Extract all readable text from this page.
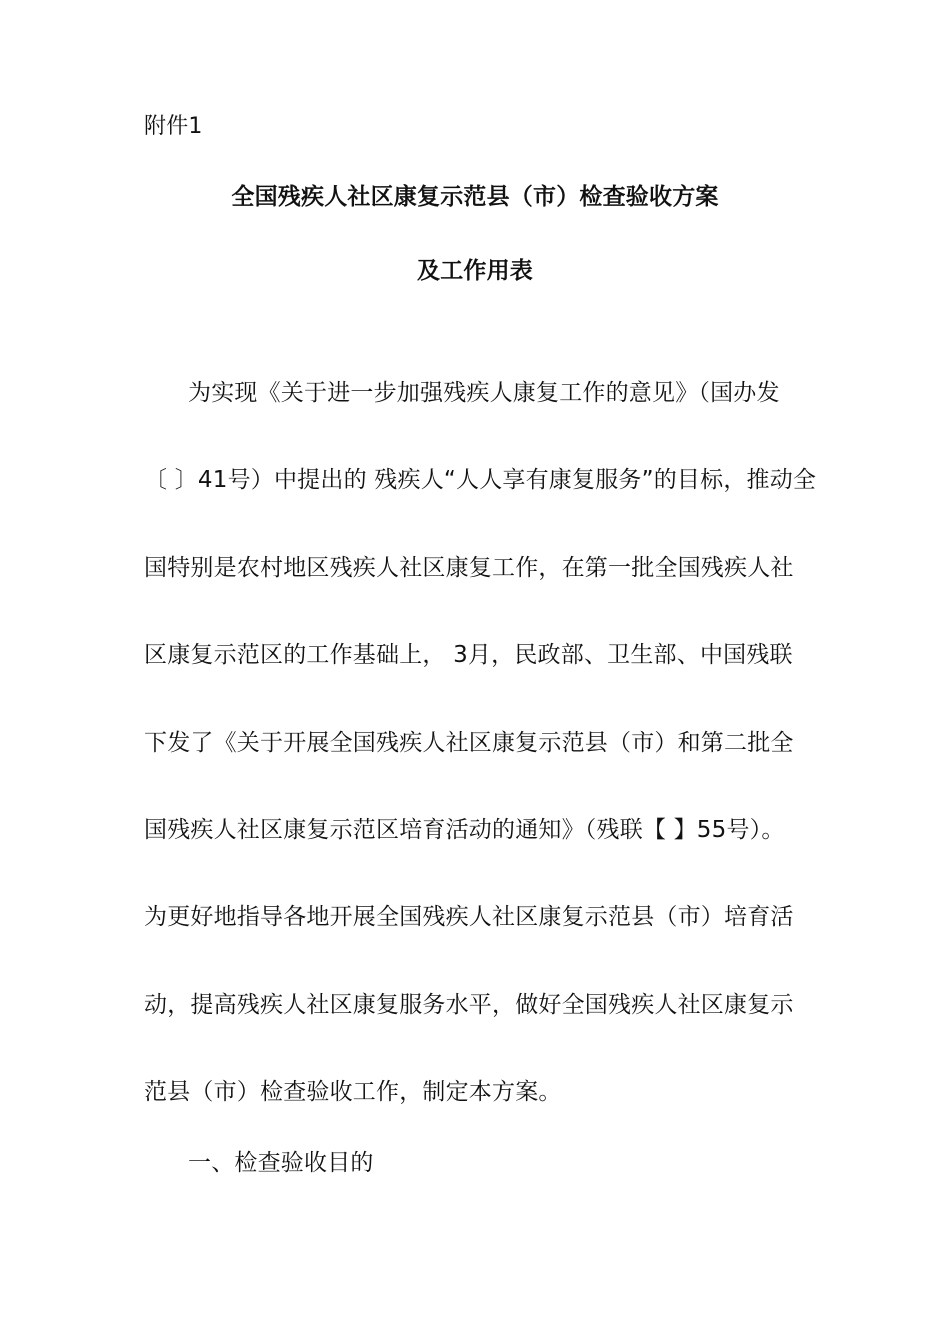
附件1
全国残疾人社区康复示范县（市）检查验收方案
及工作用表
为实现《关于进一步加强残疾人康复工作的意见》（国办发
〔 〕41号）中提出的 残疾人“人人享有康复服务”的目标，推动全
国特别是农村地区残疾人社区康复工作，在第一批全国残疾人社
区康复示范区的工作基础上， 3月，民政部、卫生部、中国残联
下发了《关于开展全国残疾人社区康复示范县（市）和第二批全
国残疾人社区康复示范区培育活动的通知》（残联【 】55号）。
为更好地指导各地开展全国残疾人社区康复示范县（市）培育活
动，提高残疾人社区康复服务水平，做好全国残疾人社区康复示
范县（市）检查验收工作，制定本方案。
一、检查验收目的
